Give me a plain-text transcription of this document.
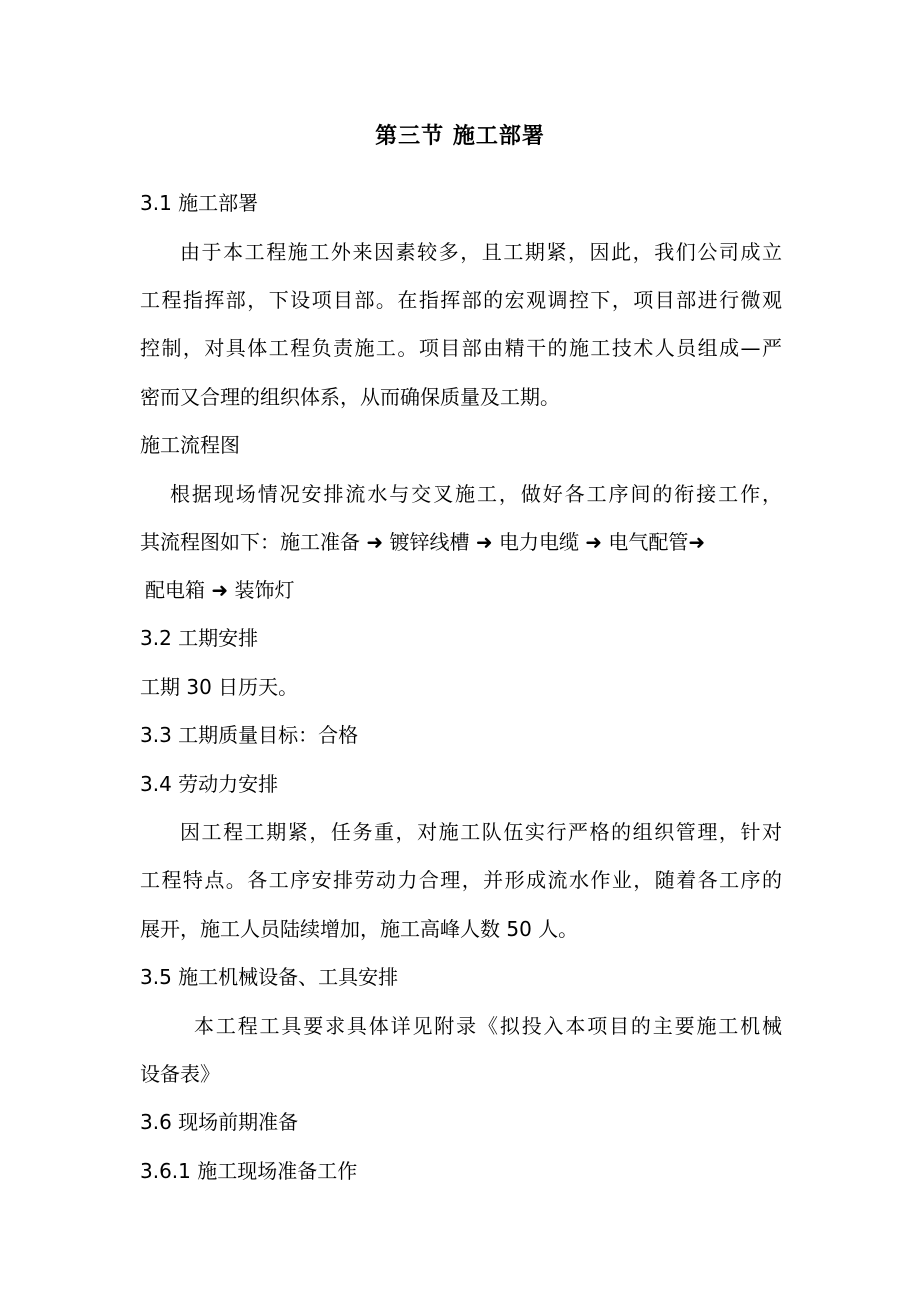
第三节 施工部署
3.1 施工部署
由于本工程施工外来因素较多，且工期紧，因此，我们公司成立
工程指挥部，下设项目部。在指挥部的宏观调控下，项目部进行微观
控制，对具体工程负责施工。项目部由精干的施工技术人员组成—严
密而又合理的组织体系，从而确保质量及工期。
施工流程图
根据现场情况安排流水与交叉施工，做好各工序间的衔接工作，
其流程图如下：施工准备 ➜ 镀锌线槽 ➜ 电力电缆 ➜ 电气配管➜
配电箱 ➜ 装饰灯
3.2 工期安排
工期 30 日历天。
3.3 工期质量目标：合格
3.4 劳动力安排
因工程工期紧，任务重，对施工队伍实行严格的组织管理，针对
工程特点。各工序安排劳动力合理，并形成流水作业，随着各工序的
展开，施工人员陆续增加，施工高峰人数 50 人。
3.5 施工机械设备、工具安排
本工程工具要求具体详见附录《拟投入本项目的主要施工机械
设备表》
3.6 现场前期准备
3.6.1 施工现场准备工作
